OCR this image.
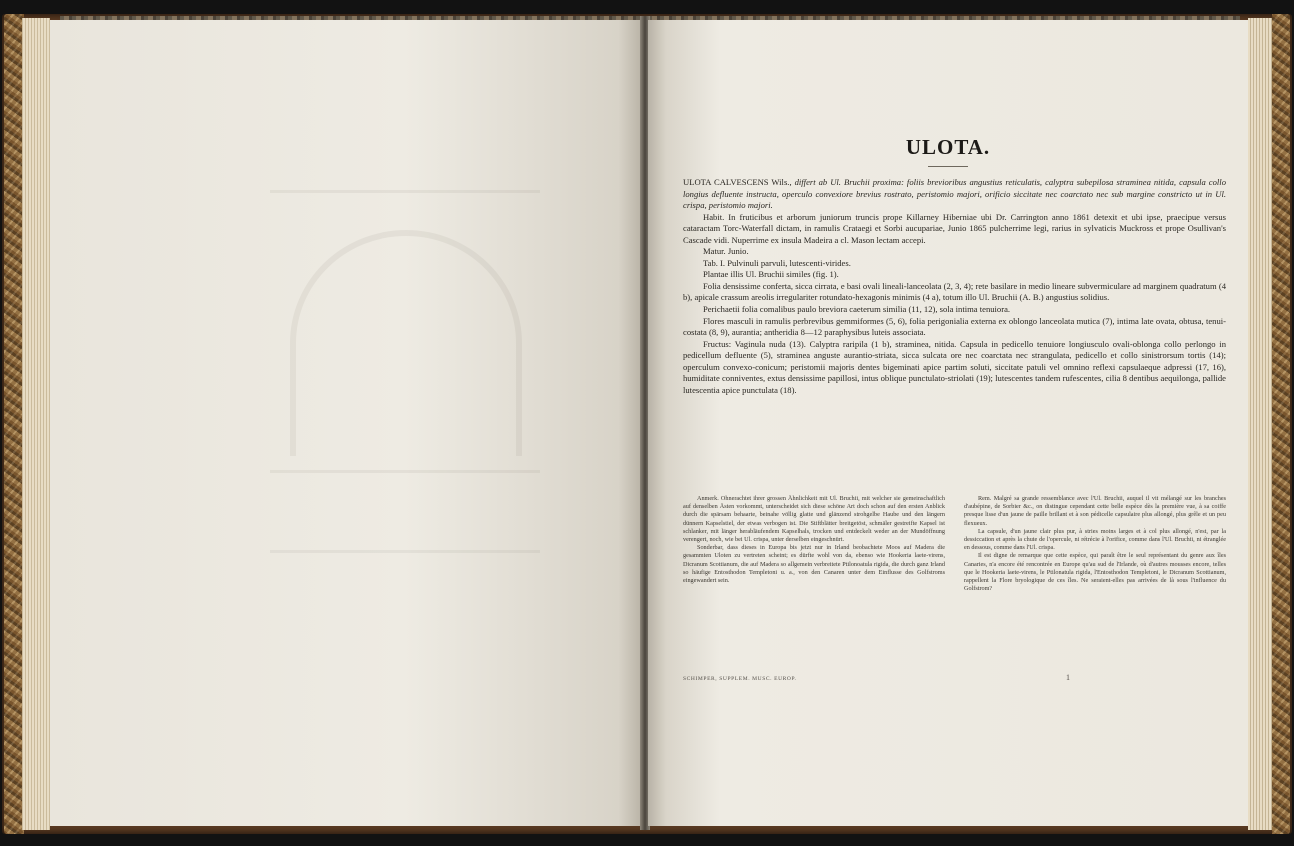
ULOTA.

ULOTA CALVESCENS Wils., differt ab Ul. Bruchii proxima: foliis brevioribus angustius reticulatis, calyptra subepilosa straminea nitida, capsula collo longius defluente instructa, operculo convexiore brevius rostrato, peristomio majori, orificio siccitate nec coarctato nec sub margine constricto ut in Ul. crispa, peristomio majori.

Habit. In fruticibus et arborum juniorum truncis prope Killarney Hiberniae ubi Dr. Carrington anno 1861 detexit et ubi ipse, praecipue versus cataractam Torc-Waterfall dictam, in ramulis Crataegi et Sorbi aucupariae, Junio 1865 pulcherrime legi, rarius in sylvaticis Muckross et prope Osullivan's Cascade vidi. Nuperrime ex insula Madeira a cl. Mason lectam accepi.

Matur. Junio.

Tab. I. Pulvinuli parvuli, lutescenti-virides.

Plantae illis Ul. Bruchii similes (fig. 1).

Folia densissime conferta, sicca cirrata, e basi ovali lineali-lanceolata (2, 3, 4); rete basilare in medio lineare subvermiculare ad marginem quadratum (4 b), apicale crassum areolis irregulariter rotundato-hexagonis minimis (4 a), totum illo Ul. Bruchii (A. B.) angustius solidius.

Perichaetii folia comalibus paulo breviora caeterum similia (11, 12), sola intima tenuiora.

Flores masculi in ramulis perbrevibus gemmiformes (5, 6), folia perigonialia externa ex oblongo lanceolata mutica (7), intima late ovata, obtusa, tenui-costata (8, 9), aurantia; antheridia 8—12 paraphysibus luteis associata.

Fructus: Vaginula nuda (13). Calyptra raripila (1 b), straminea, nitida. Capsula in pedicello tenuiore longiusculo ovali-oblonga collo perlongo in pedicellum defluente (5), straminea anguste aurantio-striata, sicca sulcata ore nec coarctata nec strangulata, pedicello et collo sinistrorsum tortis (14); operculum convexo-conicum; peristomii majoris dentes bigeminati apice partim soluti, siccitate patuli vel omnino reflexi capsulaeque adpressi (17, 16), humiditate conniventes, extus densissime papillosi, intus oblique punctulato-striolati (19); lutescentes tandem rufescentes, cilia 8 dentibus aequilonga, pallide lutescentia apice punctulata (18).

Anmerk. Ohnerachtet ihrer grossen Ähnlichkeit mit Ul. Bruchii, mit welcher sie gemeinschaftlich auf denselben Ästen vorkommt, unterscheidet sich diese schöne Art doch schon auf den ersten Anblick durch die spärsam behaarte, beinahe völlig glatte und glänzend strohgelbe Haube und den längern dünnern Kapselstiel, der etwas verbogen ist. Die Stiftblätter breitgetöst, schmäler gestreifte Kapsel ist schlanker, mit länger herabläufendem Kapselhals, trocken und entdeckelt weder an der Mundöffnung verengert, noch, wie bei Ul. crispa, unter derselben eingeschnürt.

Sonderbar, dass dieses in Europa bis jetzt nur in Irland beobachtete Moos auf Madera die gesammten Uloten zu vertreten scheint; es dürfte wohl von da, ebenso wie Hookeria laete-virens, Dicranum Scottianum, die auf Madera so allgemein verbreitete Ptilonoatula rigida, die durch ganz Irland so häufige Entosthodon Templetoni u. a., von den Canaren unter dem Einflusse des Golfstroms eingewandert sein.

Rem. Malgré sa grande ressemblance avec l'Ul. Bruchii, auquel il vit mélangé sur les branches d'aubépine, de Sorbier &c., on distingue cependant cette belle espèce dès la première vue, à sa coiffe presque lisse d'un jaune de paille brillant et à son pédicelle capsulaire plus allongé, plus grêle et un peu flexueux.

La capsule, d'un jaune clair plus pur, à stries moins larges et à col plus allongé, n'est, par la dessiccation et après la chute de l'opercule, ni rétrécie à l'orifice, comme dans l'Ul. Bruchii, ni étranglée en dessous, comme dans l'Ul. crispa.

Il est digne de remarque que cette espèce, qui paraît être le seul représentant du genre aux îles Canaries, n'a encore été rencontrée en Europe qu'au sud de l'Irlande, où d'autres mousses encore, telles que le Hookeria laete-virens, le Ptilonatula rigida, l'Entosthodon Templetoni, le Dicranum Scottianum, rappellent la Flore bryologique de ces îles. Ne seraient-elles pas arrivées de là sous l'influence du Golfstrom?

SCHIMPER, SUPPLEM. MUSC. EUROP.	1
